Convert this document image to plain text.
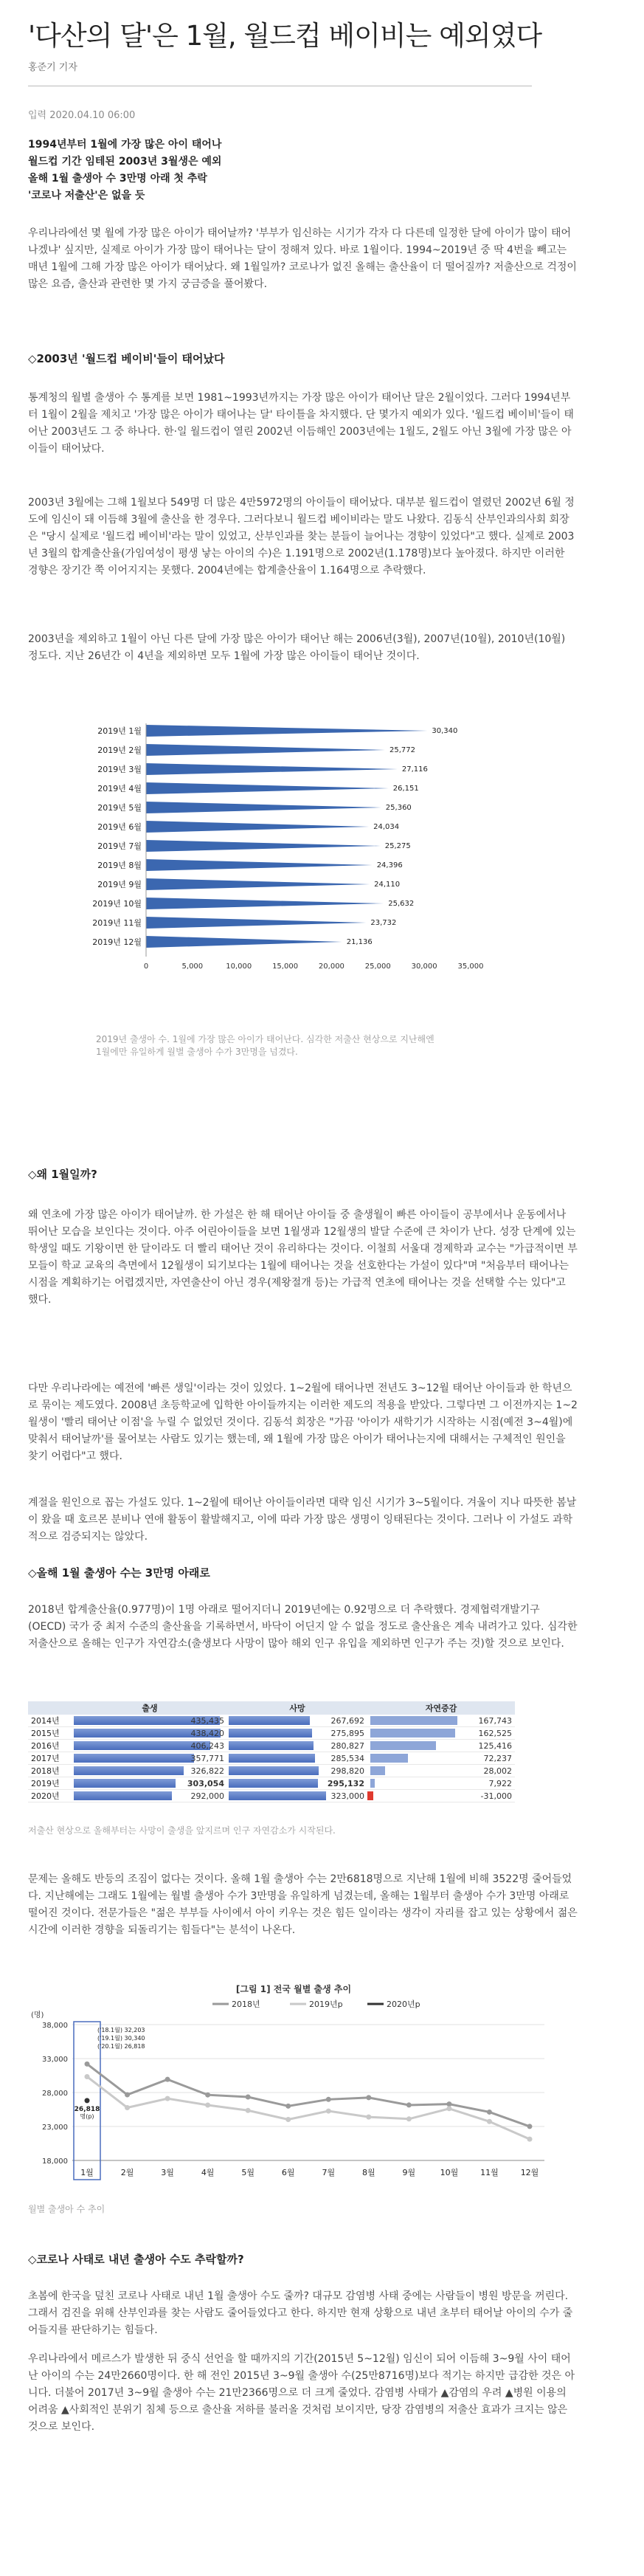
'다산의 달'은 1월, 월드컵 베이비는 예외였다
홍준기 기자
입력 2020.04.10 06:00
1994년부터 1월에 가장 많은 아이 태어나
월드컵 기간 임테된 2003년 3월생은 예외
올해 1월 출생아 수 3만명 아래 첫 추락
'코로나 저출산'은 없을 듯

우리나라에선 몇 월에 가장 많은 아이가 태어날까? '부부가 임신하는 시기가 각자 다 다른데 일정한 달에 아이가 많이 태어나겠냐' 싶지만, 실제로 아이가 가장 많이 태어나는 달이 정해져 있다. 바로 1월이다. 1994~2019년 중 딱 4번을 빼고는 매년 1월에 그해 가장 많은 아이가 태어났다. 왜 1월일까? 코로나가 없진 올해는 출산율이 더 떨어질까? 저출산으로 걱정이 많은 요즘, 출산과 관련한 몇 가지 궁금증을 풀어봤다.

◇2003년 '월드컵 베이비'들이 태어났다

통계청의 월별 출생아 수 통계를 보면 1981~1993년까지는 가장 많은 아이가 태어난 달은 2월이었다. 그러다 1994년부터 1월이 2월을 제치고 '가장 많은 아이가 태어나는 달' 타이틀을 차지했다. 단 몇가지 예외가 있다. '월드컵 베이비'들이 태어난 2003년도 그 중 하나다. 한·일 월드컵이 열린 2002년 이듬해인 2003년에는 1월도, 2월도 아닌 3월에 가장 많은 아이들이 태어났다.

2003년 3월에는 그해 1월보다 549명 더 많은 4만5972명의 아이들이 태어났다. 대부분 월드컵이 열렸던 2002년 6월 정도에 임신이 돼 이듬해 3월에 출산을 한 경우다. 그러다보니 월드컵 베이비라는 말도 나왔다. 김동식 산부인과의사회 회장은 "당시 실제로 '월드컵 베이비'라는 말이 있었고, 산부인과를 찾는 분들이 늘어나는 경향이 있었다"고 했다. 실제로 2003년 3월의 합계출산율(가임여성이 평생 낳는 아이의 수)은 1.191명으로 2002년(1.178명)보다 높아졌다. 하지만 이러한 경향은 장기간 쭉 이어지지는 못했다. 2004년에는 합계출산율이 1.164명으로 추락했다.

2003년을 제외하고 1월이 아닌 다른 달에 가장 많은 아이가 태어난 해는 2006년(3월), 2007년(10월), 2010년(10월) 정도다. 지난 26년간 이 4년을 제외하면 모두 1월에 가장 많은 아이들이 태어난 것이다.

2019년 1월	30,340
2019년 2월	25,772
2019년 3월	27,116
2019년 4월	26,151
2019년 5월	25,360
2019년 6월	24,034
2019년 7월	25,275
2019년 8월	24,396
2019년 9월	24,110
2019년 10월	25,632
2019년 11월	23,732
2019년 12월	21,136
0	5,000	10,000	15,000	20,000	25,000	30,000	35,000
2019년 출생아 수. 1월에 가장 많은 아이가 태어난다. 심각한 저출산 현상으로 지난해엔 1월에만 유일하게 월별 출생아 수가 3만명을 넘겼다.
◇왜 1월일까?

왜 연초에 가장 많은 아이가 태어날까. 한 가설은 한 해 태어난 아이들 중 출생월이 빠른 아이들이 공부에서나 운동에서나 뛰어난 모습을 보인다는 것이다. 아주 어린아이들을 보면 1월생과 12월생의 발달 수준에 큰 차이가 난다. 성장 단계에 있는 학생일 때도 기왕이면 한 달이라도 더 빨리 태어난 것이 유리하다는 것이다. 이철희 서울대 경제학과 교수는 "가급적이면 부모들이 학교 교육의 측면에서 12월생이 되기보다는 1월에 태어나는 것을 선호한다는 가설이 있다"며 "처음부터 태어나는 시점을 계획하기는 어렵겠지만, 자연출산이 아닌 경우(제왕절개 등)는 가급적 연초에 태어나는 것을 선택할 수는 있다"고 했다.

다만 우리나라에는 예전에 '빠른 생일'이라는 것이 있었다. 1~2월에 태어나면 전년도 3~12월 태어난 아이들과 한 학년으로 묶이는 제도였다. 2008년 초등학교에 입학한 아이들까지는 이러한 제도의 적용을 받았다. 그렇다면 그 이전까지는 1~2월생이 '빨리 태어난 이점'을 누릴 수 없었던 것이다. 김동석 회장은 "가끔 '아이가 새학기가 시작하는 시점(예전 3~4월)에 맞춰서 태어날까'를 물어보는 사람도 있기는 했는데, 왜 1월에 가장 많은 아이가 태어나는지에 대해서는 구체적인 원인을 찾기 어렵다"고 했다.

계절을 원인으로 꼽는 가설도 있다. 1~2월에 태어난 아이들이라면 대략 임신 시기가 3~5월이다. 겨울이 지나 따뜻한 봄날이 왔을 때 호르몬 분비나 연애 활동이 활발해지고, 이에 따라 가장 많은 생명이 잉태된다는 것이다. 그러나 이 가설도 과학적으로 검증되지는 않았다.

◇올해 1월 출생아 수는 3만명 아래로

2018년 합계출산율(0.977명)이 1명 아래로 떨어지더니 2019년에는 0.92명으로 더 추락했다. 경제협력개발기구(OECD) 국가 중 최저 수준의 출산율을 기록하면서, 바닥이 어딘지 알 수 없을 정도로 출산율은 계속 내려가고 있다. 심각한 저출산으로 올해는 인구가 자연감소(출생보다 사망이 많아 해외 인구 유입을 제외하면 인구가 주는 것)할 것으로 보인다.

	출생	사망	자연증감
2014년	435,435	267,692	167,743
2015년	438,420	275,895	162,525
2016년	406,243	280,827	125,416
2017년	357,771	285,534	72,237
2018년	326,822	298,820	28,002
2019년	303,054	295,132	7,922
2020년	292,000	323,000	-31,000
저출산 현상으로 올해부터는 사망이 출생을 앞지르며 인구 자연감소가 시작된다.

문제는 올해도 반등의 조짐이 없다는 것이다. 올해 1월 출생아 수는 2만6818명으로 지난해 1월에 비해 3522명 줄어들었다. 지난해에는 그래도 1월에는 월별 출생아 수가 3만명을 유일하게 넘겼는데, 올해는 1월부터 출생아 수가 3만명 아래로 떨어진 것이다. 전문가들은 "젊은 부부들 사이에서 아이 키우는 것은 힘든 일이라는 생각이 자리를 잡고 있는 상황에서 젊은 시간에 이러한 경향을 되돌리기는 힘들다"는 분석이 나온다.

[그림 1] 전국 월별 출생 추이
2018년	2019년p	2020년p
(명)
38,000
33,000
28,000
23,000
18,000
1월	2월	3월	4월	5월	6월	7월	8월	9월	10월	11월	12월
('18.1월) 32,203
('19.1월) 30,340
('20.1월) 26,818
26,818
명(p)
월별 출생아 수 추이
◇코로나 사태로 내년 출생아 수도 추락할까?

초봄에 한국을 덮친 코로나 사태로 내년 1월 출생아 수도 줄까? 대규모 감염병 사태 중에는 사람들이 병원 방문을 꺼린다. 그래서 검진을 위해 산부인과를 찾는 사람도 줄어들었다고 한다. 하지만 현재 상황으로 내년 초부터 태어날 아이의 수가 줄어들지를 판단하기는 힘들다.

우리나라에서 메르스가 발생한 뒤 중식 선언을 할 때까지의 기간(2015년 5~12월) 임신이 되어 이듬해 3~9월 사이 태어난 아이의 수는 24만2660명이다. 한 해 전인 2015년 3~9월 출생아 수(25만8716명)보다 적기는 하지만 급감한 것은 아니다. 더불어 2017년 3~9월 출생아 수는 21만2366명으로 더 크게 줄었다. 감염병 사태가 ▲감염의 우려 ▲병원 이용의 어려움 ▲사회적인 분위기 침체 등으로 출산율 저하를 불러올 것처럼 보이지만, 당장 감염병의 저출산 효과가 크지는 않은 것으로 보인다.
